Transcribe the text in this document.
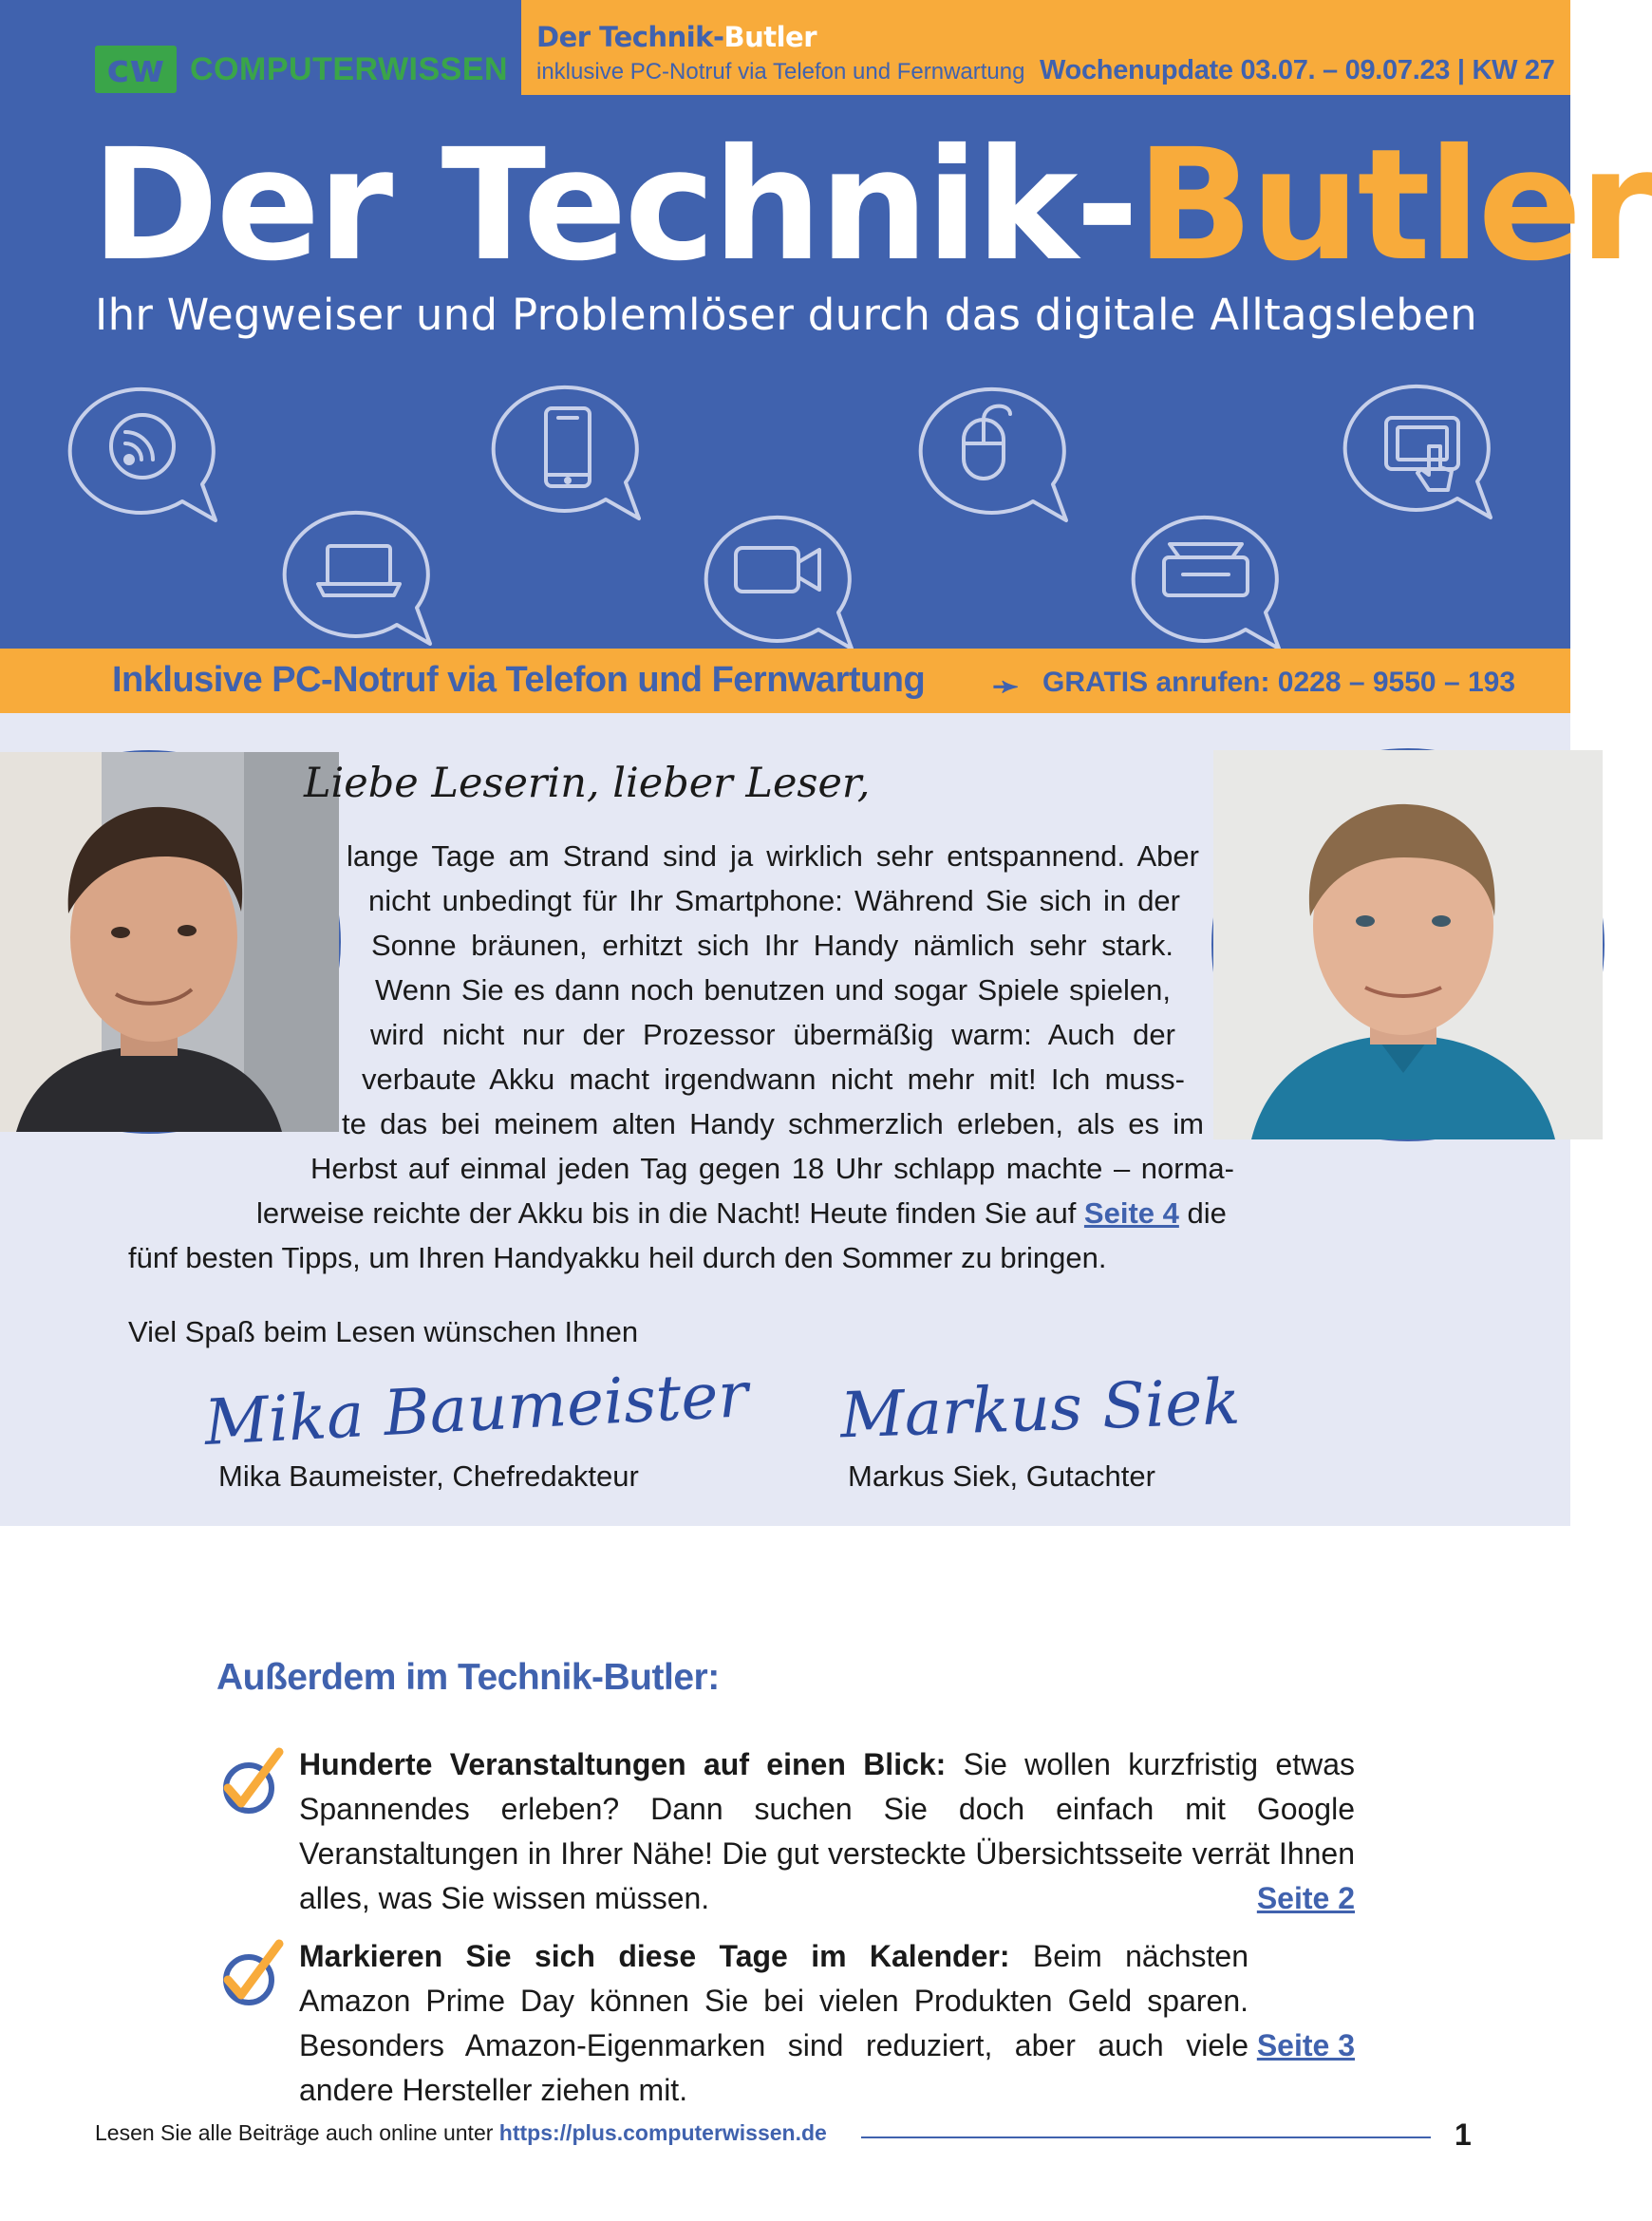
Der Technik-Butler
inklusive PC-Notruf via Telefon und Fernwartung Wochenupdate 03.07. – 09.07.23 | KW 27
cw COMPUTERWISSEN
Der Technik-Butler
Ihr Wegweiser und Problemlöser durch das digitale Alltagsleben
Inklusive PC-Notruf via Telefon und Fernwartung ➛ GRATIS anrufen: 0228 – 9550 – 193
Liebe Leserin, lieber Leser,
lange Tage am Strand sind ja wirklich sehr entspannend. Aber
nicht unbedingt für Ihr Smartphone: Während Sie sich in der
Sonne bräunen, erhitzt sich Ihr Handy nämlich sehr stark.
Wenn Sie es dann noch benutzen und sogar Spiele spielen,
wird nicht nur der Prozessor übermäßig warm: Auch der
verbaute Akku macht irgendwann nicht mehr mit! Ich muss-
te das bei meinem alten Handy schmerzlich erleben, als es im
Herbst auf einmal jeden Tag gegen 18 Uhr schlapp machte – norma-
lerweise reichte der Akku bis in die Nacht! Heute finden Sie auf Seite 4 die
fünf besten Tipps, um Ihren Handyakku heil durch den Sommer zu bringen.
Viel Spaß beim Lesen wünschen Ihnen
Mika Baumeister Markus Siek
Mika Baumeister, Chefredakteur	Markus Siek, Gutachter
Außerdem im Technik-Butler:
Hunderte Veranstaltungen auf einen Blick: Sie wollen kurzfristig etwas Spannendes erleben? Dann suchen Sie doch einfach mit Google Veranstaltungen in Ihrer Nähe! Die gut versteckte Übersichtsseite verrät Ihnen alles, was Sie wissen müssen.	Seite 2
Markieren Sie sich diese Tage im Kalender: Beim nächsten Amazon Prime Day können Sie bei vielen Produkten Geld sparen. Besonders Amazon-Eigenmarken sind reduziert, aber auch viele andere Hersteller ziehen mit.
Seite 3
Lesen Sie alle Beiträge auch online unter https://plus.computerwissen.de	1
